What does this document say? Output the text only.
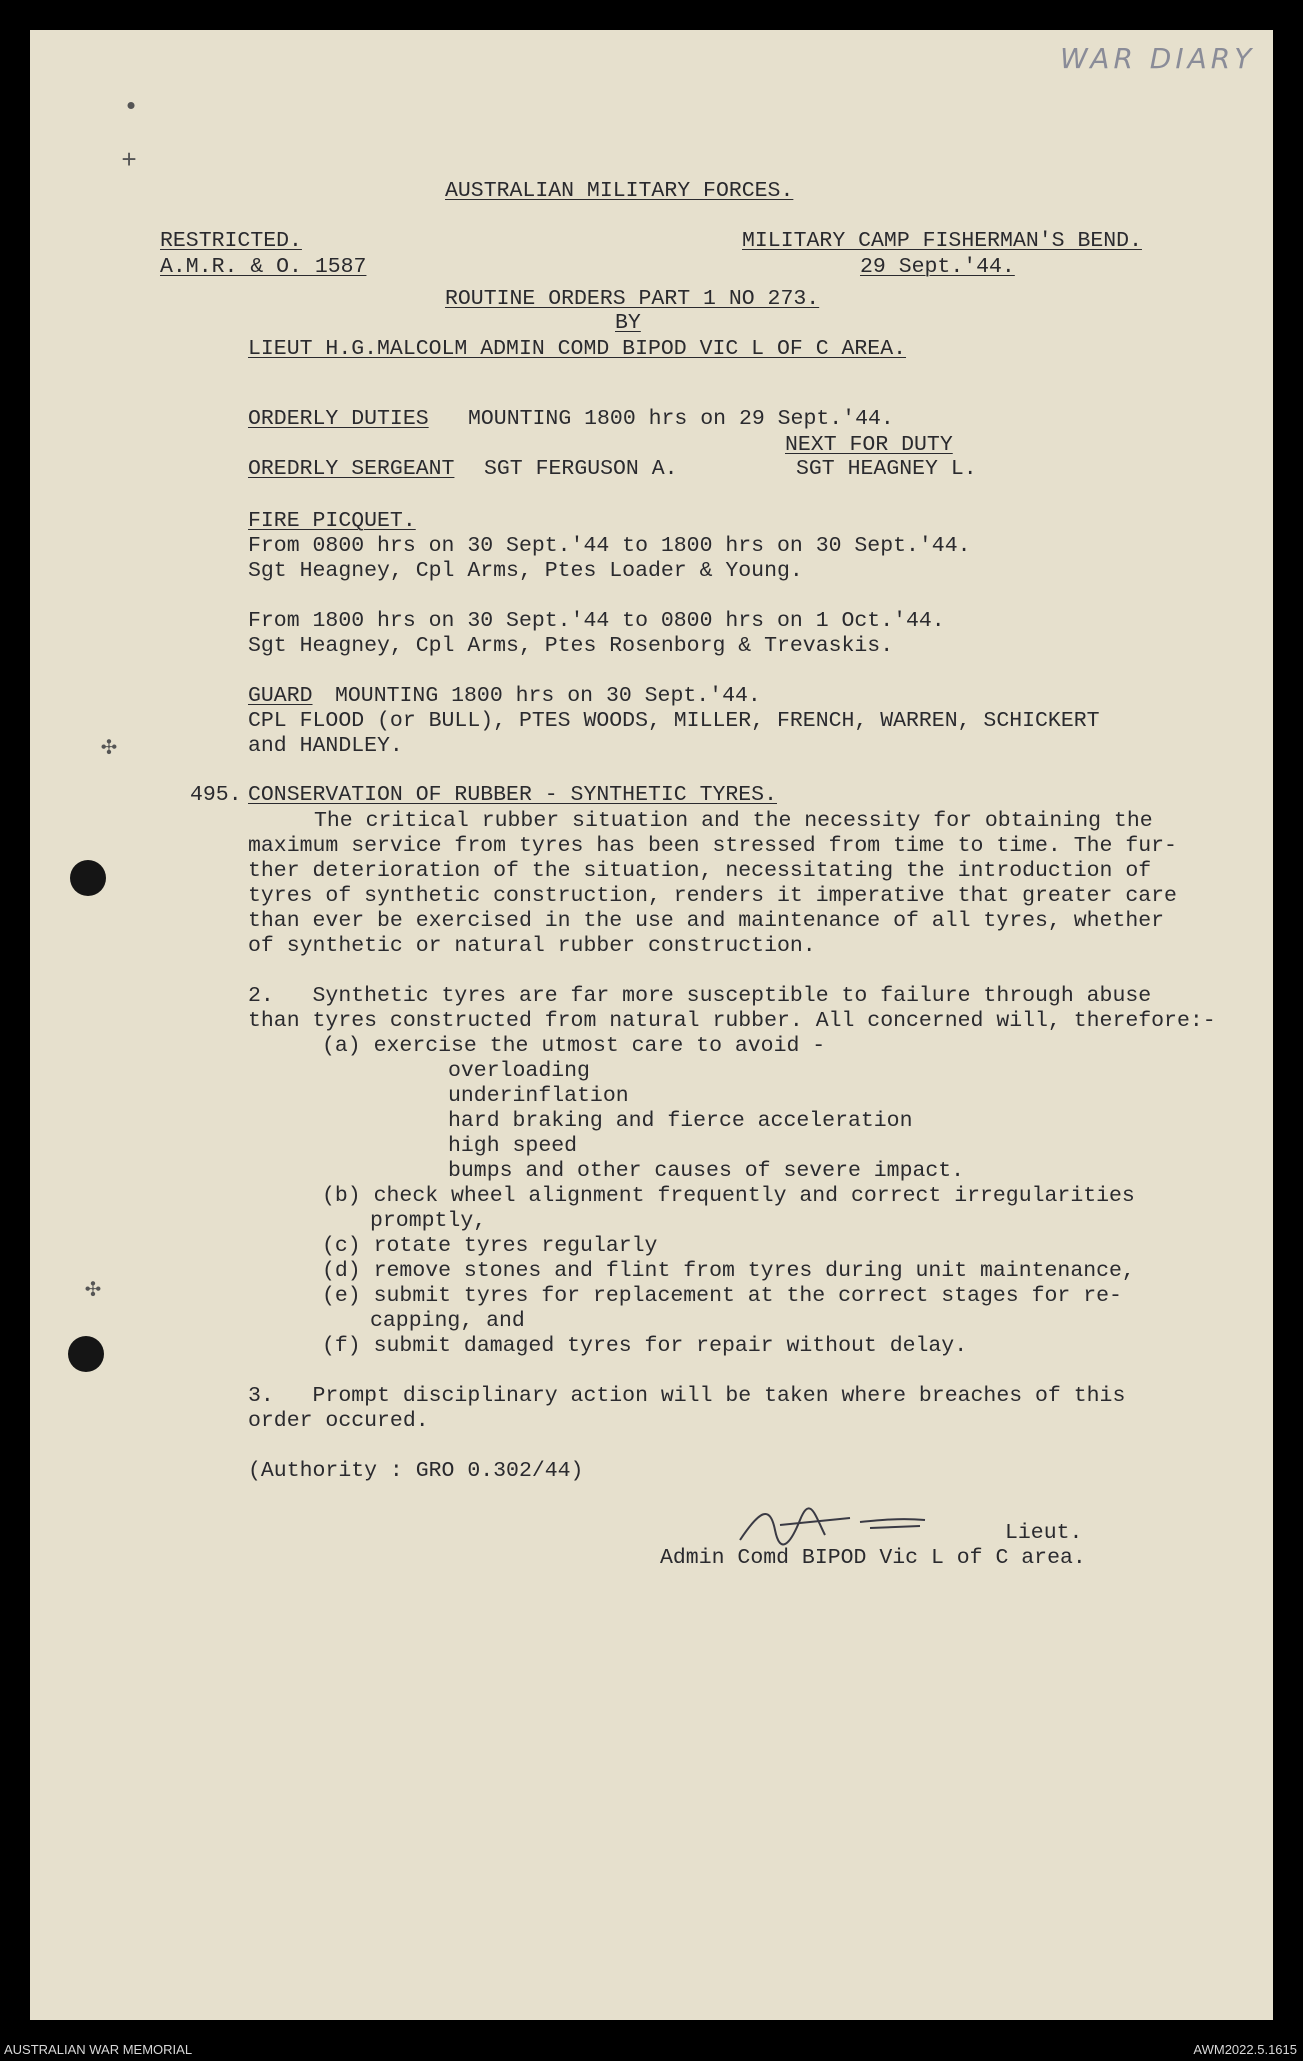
WAR DIARY
•
+
✣
✣
AUSTRALIAN MILITARY FORCES.
RESTRICTED.
A.M.R. & O. 1587
MILITARY CAMP FISHERMAN'S BEND.
29 Sept.'44.
ROUTINE ORDERS PART 1 NO 273.
BY
LIEUT H.G.MALCOLM ADMIN COMD BIPOD VIC L OF C AREA.
ORDERLY DUTIES MOUNTING 1800 hrs on 29 Sept.'44.
NEXT FOR DUTY
OREDRLY SERGEANT SGT FERGUSON A.	SGT HEAGNEY L.
FIRE PICQUET.
From 0800 hrs on 30 Sept.'44 to 1800 hrs on 30 Sept.'44.
Sgt Heagney, Cpl Arms, Ptes Loader & Young.
From 1800 hrs on 30 Sept.'44 to 0800 hrs on 1 Oct.'44.
Sgt Heagney, Cpl Arms, Ptes Rosenborg & Trevaskis.
GUARD MOUNTING 1800 hrs on 30 Sept.'44.
CPL FLOOD (or BULL), PTES WOODS, MILLER, FRENCH, WARREN, SCHICKERT
and HANDLEY.
495. CONSERVATION OF RUBBER - SYNTHETIC TYRES.
The critical rubber situation and the necessity for obtaining the
maximum service from tyres has been stressed from time to time. The fur-
ther deterioration of the situation, necessitating the introduction of
tyres of synthetic construction, renders it imperative that greater care
than ever be exercised in the use and maintenance of all tyres, whether
of synthetic or natural rubber construction.
2.   Synthetic tyres are far more susceptible to failure through abuse
than tyres constructed from natural rubber. All concerned will, therefore:-
(a) exercise the utmost care to avoid -
overloading
underinflation
hard braking and fierce acceleration
high speed
bumps and other causes of severe impact.
(b) check wheel alignment frequently and correct irregularities
promptly,
(c) rotate tyres regularly
(d) remove stones and flint from tyres during unit maintenance,
(e) submit tyres for replacement at the correct stages for re-
capping, and
(f) submit damaged tyres for repair without delay.
3.   Prompt disciplinary action will be taken where breaches of this
order occured.
(Authority : GRO 0.302/44)
Lieut.
Admin Comd BIPOD Vic L of C area.
AUSTRALIAN WAR MEMORIAL	AWM2022.5.1615
